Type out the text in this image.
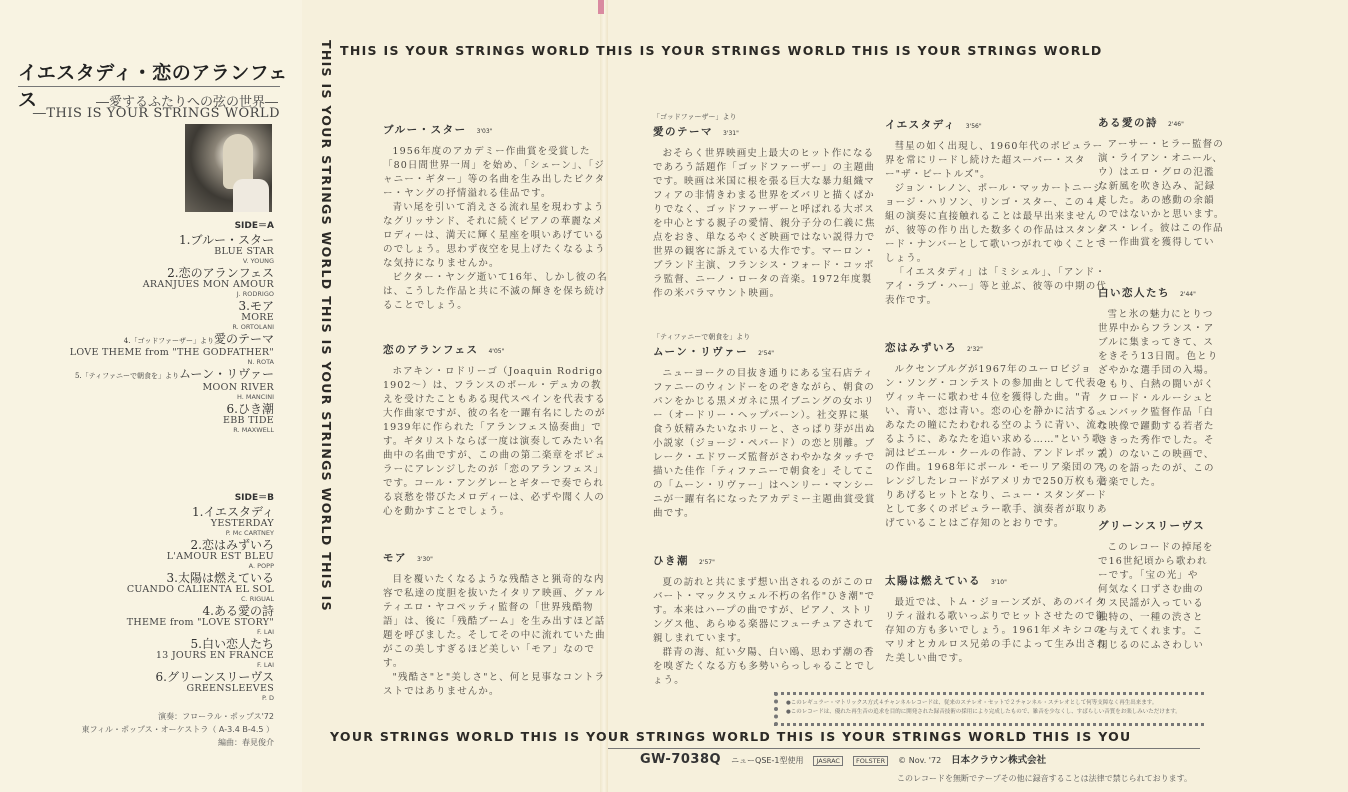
イエスタディ・恋のアランフェス	―愛するふたりへの弦の世界―
―THIS IS YOUR STRINGS WORLD
SIDE＝A
1.ブルー・スター
BLUE STAR
V. YOUNG
2.恋のアランフェス
ARANJUES MON AMOUR
J. RODRIGO
3.モア
MORE
R. ORTOLANI
4.「ゴッドファーザー」より愛のテーマ
LOVE THEME from "THE GODFATHER"
N. ROTA
5.「ティファニーで朝食を」よりムーン・リヴァー
MOON RIVER
H. MANCINI
6.ひき潮
EBB TIDE
R. MAXWELL
SIDE＝B
1.イエスタディ
YESTERDAY
P. Mc CARTNEY
2.恋はみずいろ
L'AMOUR EST BLEU
A. POPP
3.太陽は燃えている
CUANDO CALIENTA EL SOL
C. RIGUAL
4.ある愛の詩
THEME from "LOVE STORY"
F. LAI
5.白い恋人たち
13 JOURS EN FRANCE
F. LAI
6.グリーンスリーヴス
GREENSLEEVES
P. D
演奏：フローラル・ポップス'72
東フィル・ポップス・オーケストラ（ A-3.4 B-4.5 ）
編曲：春見俊介
THIS IS YOUR STRINGS WORLD THIS IS YOUR STRINGS WORLD THIS IS YOUR STRINGS WORLD
THIS IS YOUR STRINGS WORLD THIS IS YOUR STRINGS WORLD THIS IS
YOUR STRINGS WORLD THIS IS YOUR STRINGS WORLD THIS IS YOUR STRINGS WORLD THIS IS YOU
ブルー・スター 3'03"

1956年度のアカデミー作曲賞を受賞した「80日間世界一周」を始め、「シェーン」、「ジャニー・ギター」等の名曲を生み出したビクター・ヤングの抒情溢れる佳品です。

青い尾を引いて消えさる流れ星を現わすようなグリッサンド、それに続くピアノの華麗なメロディーは、満天に輝く星座を唄いあげているのでしょう。思わず夜空を見上げたくなるような気持になりませんか。

ビクター・ヤング逝いて16年、しかし彼の名は、こうした作品と共に不滅の輝きを保ち続けることでしょう。

恋のアランフェス 4'05"

ホアキン・ロドリーゴ（Joaquin Rodrigo 1902〜）は、フランスのポール・デュカの教えを受けたこともある現代スペインを代表する大作曲家ですが、彼の名を一躍有名にしたのが1939年に作られた「アランフェス協奏曲」です。ギタリストならば一度は演奏してみたい名曲中の名曲ですが、この曲の第二楽章をポピュラーにアレンジしたのが「恋のアランフェス」です。コール・アングレーとギターで奏でられる哀愁を帯びたメロディーは、必ずや聞く人の心を動かすことでしょう。

モア 3'30"

目を覆いたくなるような残酷さと猟奇的な内容で私達の度胆を抜いたイタリア映画、グァルティエロ・ヤコペッティ監督の「世界残酷物語」は、後に「残酷ブーム」を生み出すほど話題を呼びました。そしてその中に流れていた曲がこの美しすぎるほど美しい「モア」なのです。

"残酷さ"と"美しさ"と、何と見事なコントラストではありませんか。

「ゴッドファーザー」より
愛のテーマ 3'31"

おそらく世界映画史上最大のヒット作になるであろう話題作「ゴッドファーザー」の主題曲です。映画は米国に根を張る巨大な暴力組織マフィアの非情きわまる世界をズバリと描くばかりでなく、ゴッドファーザーと呼ばれる大ボスを中心とする親子の愛情、親分子分の仁義に焦点をおき、単なるやくざ映画ではない説得力で世界の観客に訴えている大作です。マーロン・ブランド主演、フランシス・フォード・コッポラ監督、ニーノ・ロータの音楽。1972年度製作の米パラマウント映画。

「ティファニーで朝食を」より
ムーン・リヴァー 2'54"

ニューヨークの目抜き通りにある宝石店ティファニーのウィンドーをのぞきながら、朝食のパンをかじる黒メガネに黒イブニングの女ホリー（オードリー・ヘップバーン）。社交界に巣食う妖精みたいなホリーと、さっぱり芽が出ぬ小説家（ジョージ・ペパード）の恋と別離。ブレーク・エドワーズ監督がさわやかなタッチで描いた佳作「ティファニーで朝食を」そしてこの「ムーン・リヴァー」はヘンリー・マンシーニが一躍有名になったアカデミー主題曲賞受賞曲です。

ひき潮 2'57"

夏の訪れと共にまず想い出されるのがこのロバート・マックスウェル不朽の名作"ひき潮"です。本来はハープの曲ですが、ピアノ、ストリングス他、あらゆる楽器にフューチュアされて親しまれています。

群青の海、紅い夕陽、白い鴎、思わず潮の香を嗅ぎたくなる方も多勢いらっしゃることでしょう。

イエスタディ 3'56"

彗星の如く出現し、1960年代のポピュラー界を常にリードし続けた超スーパー・スター"ザ・ビートルズ"。

ジョン・レノン、ポール・マッカートニージョージ・ハリソン、リンゴ・スター、この４人組の演奏に直接触れることは最早出来ませんが、彼等の作り出した数多くの作品はスタンダード・ナンバーとして歌いつがれてゆくことでしょう。

「イエスタディ」は「ミシェル」、「アンド・アイ・ラブ・ハー」等と並ぶ、彼等の中期の代表作です。

恋はみずいろ 2'32"

ルクセンブルグが1967年のユーロビジョン・ソング・コンテストの参加曲として代表のヴィッキーに歌わせ４位を獲得した曲。"青い、青い、恋は青い。恋の心を静かに沽する。あなたの瞳にたわむれる空のように青い、流れるように、あなたを追い求める……"という歌詞はピエール・クールの作詩、アンドレポップの作曲。1968年にポール・モーリア楽団のアレンジしたレコードがアメリカで250万枚も売りあげるヒットとなり、ニュー・スタンダードとして多くのポピュラー歌手、演奏者が取りあげていることはご存知のとおりです。

太陽は燃えている 3'10"

最近では、トム・ジョーンズが、あのバイタリティ溢れる歌いっぷりでヒットさせたので御存知の方も多いでしょう。1961年メキシコのマリオとカルロス兄弟の手によって生み出された美しい曲です。

ある愛の詩 2'46"

アーサー・ヒラー監督の

演・ライアン・オニール、

ウ）はエロ・グロの氾濫

な新風を吹き込み、記録

ました。あの感動の余韻

のではないかと思います。

シス・レイ。彼はこの作品

ミー作曲賞を獲得してい

白い恋人たち 2'44"

雪と氷の魅力にとりつ

世界中からフランス・ア

ブルに集まってきて、ス

をきそう13日間。色とり

ざやかな選手団の入場。

ともり、白熱の闘いがく

クロード・ルルーシュと

ュンバック監督作品「白

な映像で躍動する若者た

ききった秀作でした。そ

説）のないこの映画で、

ものを語ったのが、この

音楽でした。

グリーンスリーヴス

このレコードの掉尾を

で16世紀頃から歌われ

ーです。「宝の光」や

何気なく口ずさむ曲の

リス民謡が入っている

独特の、一種の渋さと

を与えてくれます。こ

閉じるのにふさわしい

●このレギュラー・マトリックス方式４チャンネルレコードは、従来のステレオ・セットで２チャンネル・ステレオとして何等支障なく再生出来ます。
●このレコードは、優れた再生音の追求を目的に開発された録音技術の採用により完成したもので、雑音を少なくし、すばらしい音質をお楽しみいただけます。
GW-7038Q ニューQSE-1型使用	JASRAC	FOLSTER	© Nov. '72 日本クラウン株式会社
このレコードを無断でテープその他に録音することは法律で禁じられております。
